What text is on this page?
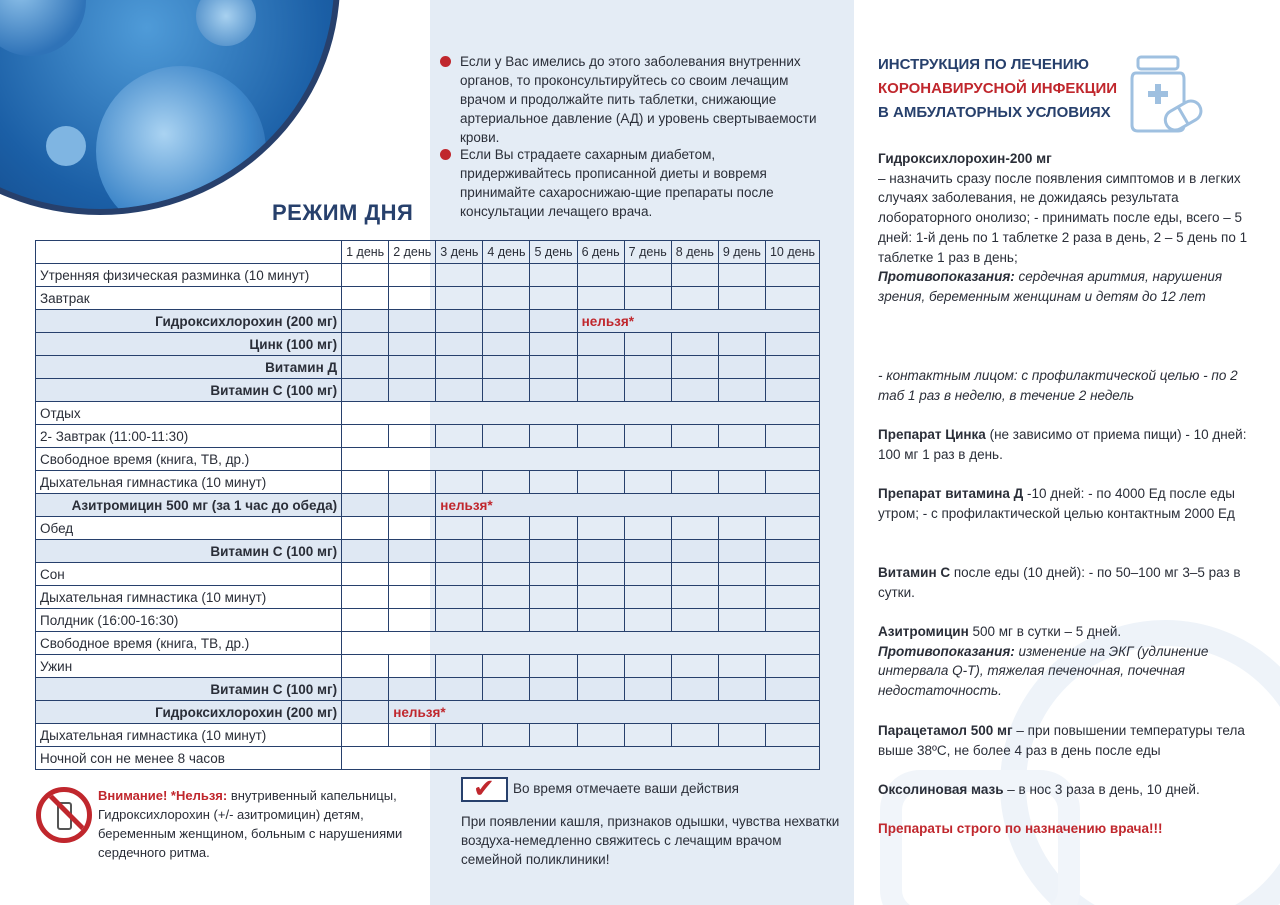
РЕЖИМ ДНЯ
	1 день	2 день	3 день	4 день	5 день	6 день	7 день	8 день	9 день	10 день
Утренняя физическая разминка (10 минут)										
Завтрак										
Гидроксихлорохин (200 мг)						нельзя*				
Цинк (100 мг)										
Витамин Д										
Витамин С (100 мг)										
Отдых										
2- Завтрак (11:00-11:30)										
Свободное время (книга, ТВ, др.)										
Дыхательная гимнастика (10 минут)										
Азитромицин 500 мг (за 1 час до обеда)			нельзя*							
Обед										
Витамин С (100 мг)										
Сон										
Дыхательная гимнастика (10 минут)										
Полдник (16:00-16:30)										
Свободное время (книга, ТВ, др.)										
Ужин										
Витамин С (100 мг)										
Гидроксихлорохин (200 мг)		нельзя*								
Дыхательная гимнастика (10 минут)										
Ночной сон не менее 8 часов										
Если у Вас имелись до этого заболевания внутренних органов, то проконсультируйтесь со своим лечащим врачом и продолжайте пить таблетки, снижающие артериальное давление (АД) и уровень свертываемости крови.
Если Вы страдаете сахарным диабетом, придерживайтесь прописанной диеты и вовремя принимайте сахароснижаю-щие препараты после консультации лечащего врача.
Внимание! *Нельзя: внутривенный капельницы, Гидроксихлорохин (+/- азитромицин) детям, беременным женщином, больным с нарушениями сердечного ритма.
✔ Во время отмечаете ваши действия
При появлении кашля, признаков одышки, чувства нехватки воздуха-немедленно свяжитесь с лечащим врачом семейной поликлиники!
ИНСТРУКЦИЯ ПО ЛЕЧЕНИЮ
КОРОНАВИРУСНОЙ ИНФЕКЦИИ
В АМБУЛАТОРНЫХ УСЛОВИЯХ
Гидроксихлорохин-200 мг
– назначить сразу после появления симптомов и в легких случаях заболевания, не дожидаясь результата лобораторного онолизо; - принимать после еды, всего – 5 дней: 1-й день по 1 таблетке 2 раза в день, 2 – 5 день по 1 таблетке 1 раз в день;
Противопоказания: сердечная аритмия, нарушения зрения, беременным женщинам и детям до 12 лет
- контактным лицом: с профилактической целью - по 2 таб 1 раз в неделю, в течение 2 недель
Препарат Цинка (не зависимо от приема пищи) - 10 дней: 100 мг 1 раз в день.
Препарат витамина Д -10 дней: - по 4000 Ед после еды утром; - с профилактической целью контактным 2000 Ед
Витамин С после еды (10 дней): - по 50–100 мг 3–5 раз в сутки.
Азитромицин 500 мг в сутки – 5 дней.
Противопоказания: изменение на ЭКГ (удлинение интервала Q-T), тяжелая печеночная, почечная недостаточность.
Парацетамол 500 мг – при повышении температуры тела выше 38ºС, не более 4 раз в день после еды
Оксолиновая мазь – в нос 3 раза в день, 10 дней.
Препараты строго по назначению врача!!!
